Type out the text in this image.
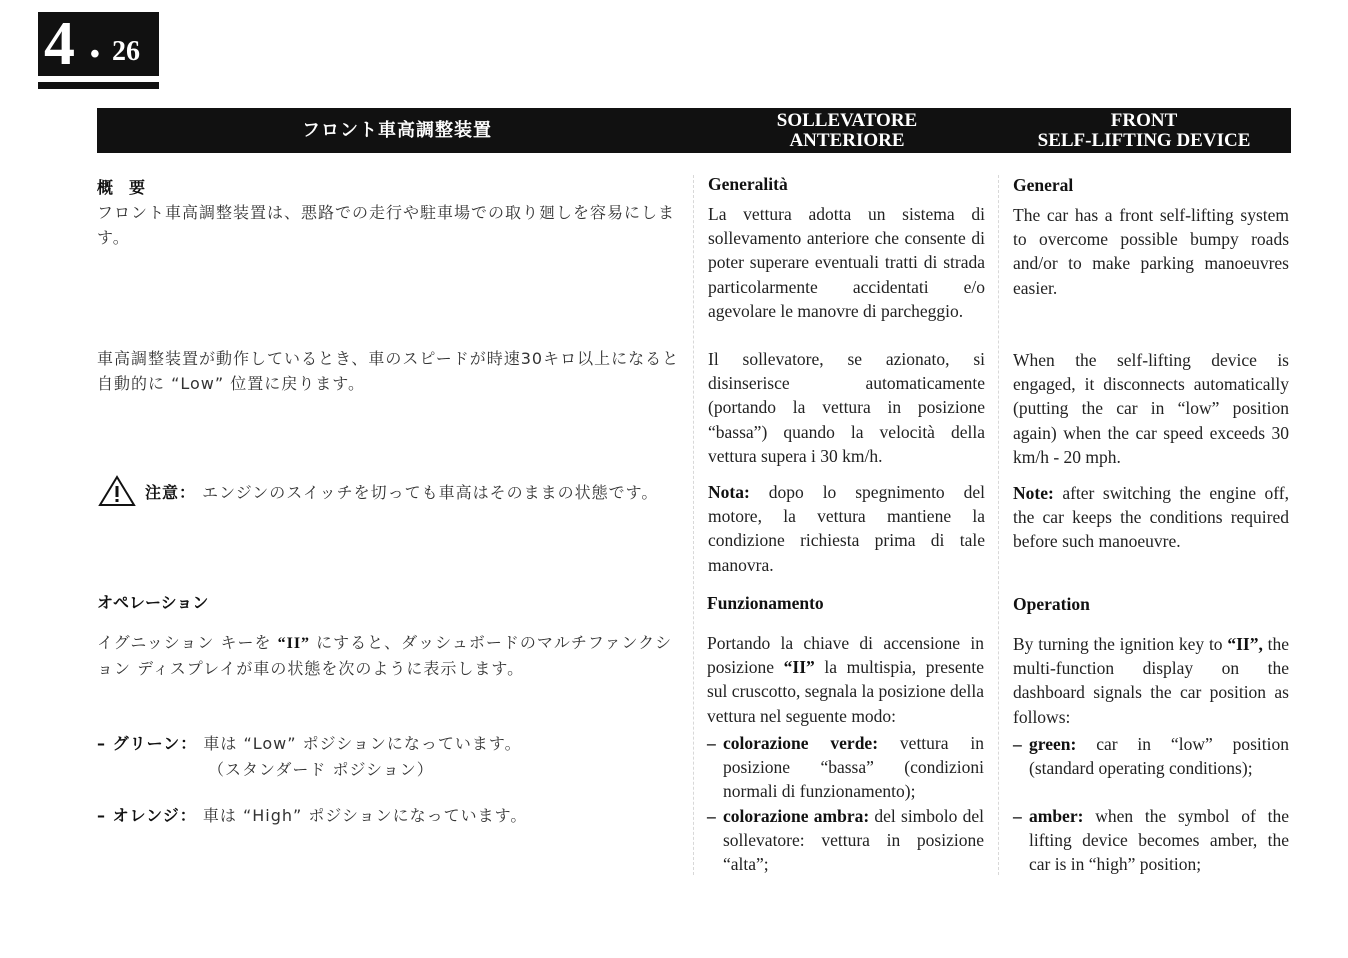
4 • 26
フロント車高調整装置	SOLLEVATORE
ANTERIORE
FRONT
SELF-LIFTING DEVICE
概　要
フロント車高調整装置は、悪路での走行や駐車場での取り廻しを容易にします。
車高調整装置が動作しているとき、車のスピードが時速30キロ以上になると自動的に “Low” 位置に戻ります。
注意： エンジンのスイッチを切っても車高はそのままの状態です。
オペレーション
イグニッション キーを “II” にすると、ダッシュボードのマルチファンクション ディスプレイが車の状態を次のように表示します。
– グリーン： 車は “Low” ポジションになっています。
（スタンダード ポジション）
– オレンジ： 車は “High” ポジションになっています。
Generalità
La vettura adotta un sistema di sollevamento anteriore che consente di poter superare eventuali tratti di strada particolarmente accidentati e/o agevolare le manovre di parcheggio.
Il sollevatore, se azionato, si disinserisce automaticamente (portando la vettura in posizione “bassa”) quando la velocità della vettura supera i 30 km/h.
Nota: dopo lo spegnimento del motore, la vettura mantiene la condizione richiesta prima di tale manovra.
Funzionamento
Portando la chiave di accensione in posizione “II” la multispia, presente sul cruscotto, segnala la posizione della vettura nel seguente modo:
– colorazione verde: vettura in posizione “bassa” (condizioni normali di funzionamento);
– colorazione ambra: del simbolo del sollevatore: vettura in posizione “alta”;
General
The car has a front self-lifting system to overcome possible bumpy roads and/or to make parking manoeuvres easier.
When the self-lifting device is engaged, it disconnects automatically (putting the car in “low” position again) when the car speed exceeds 30 km/h - 20 mph.
Note: after switching the engine off, the car keeps the conditions required before such manoeuvre.
Operation
By turning the ignition key to “II”, the multi-function display on the dashboard signals the car position as follows:
– green: car in “low” position (standard operating conditions);
– amber: when the symbol of the lifting device becomes amber, the car is in “high” position;
